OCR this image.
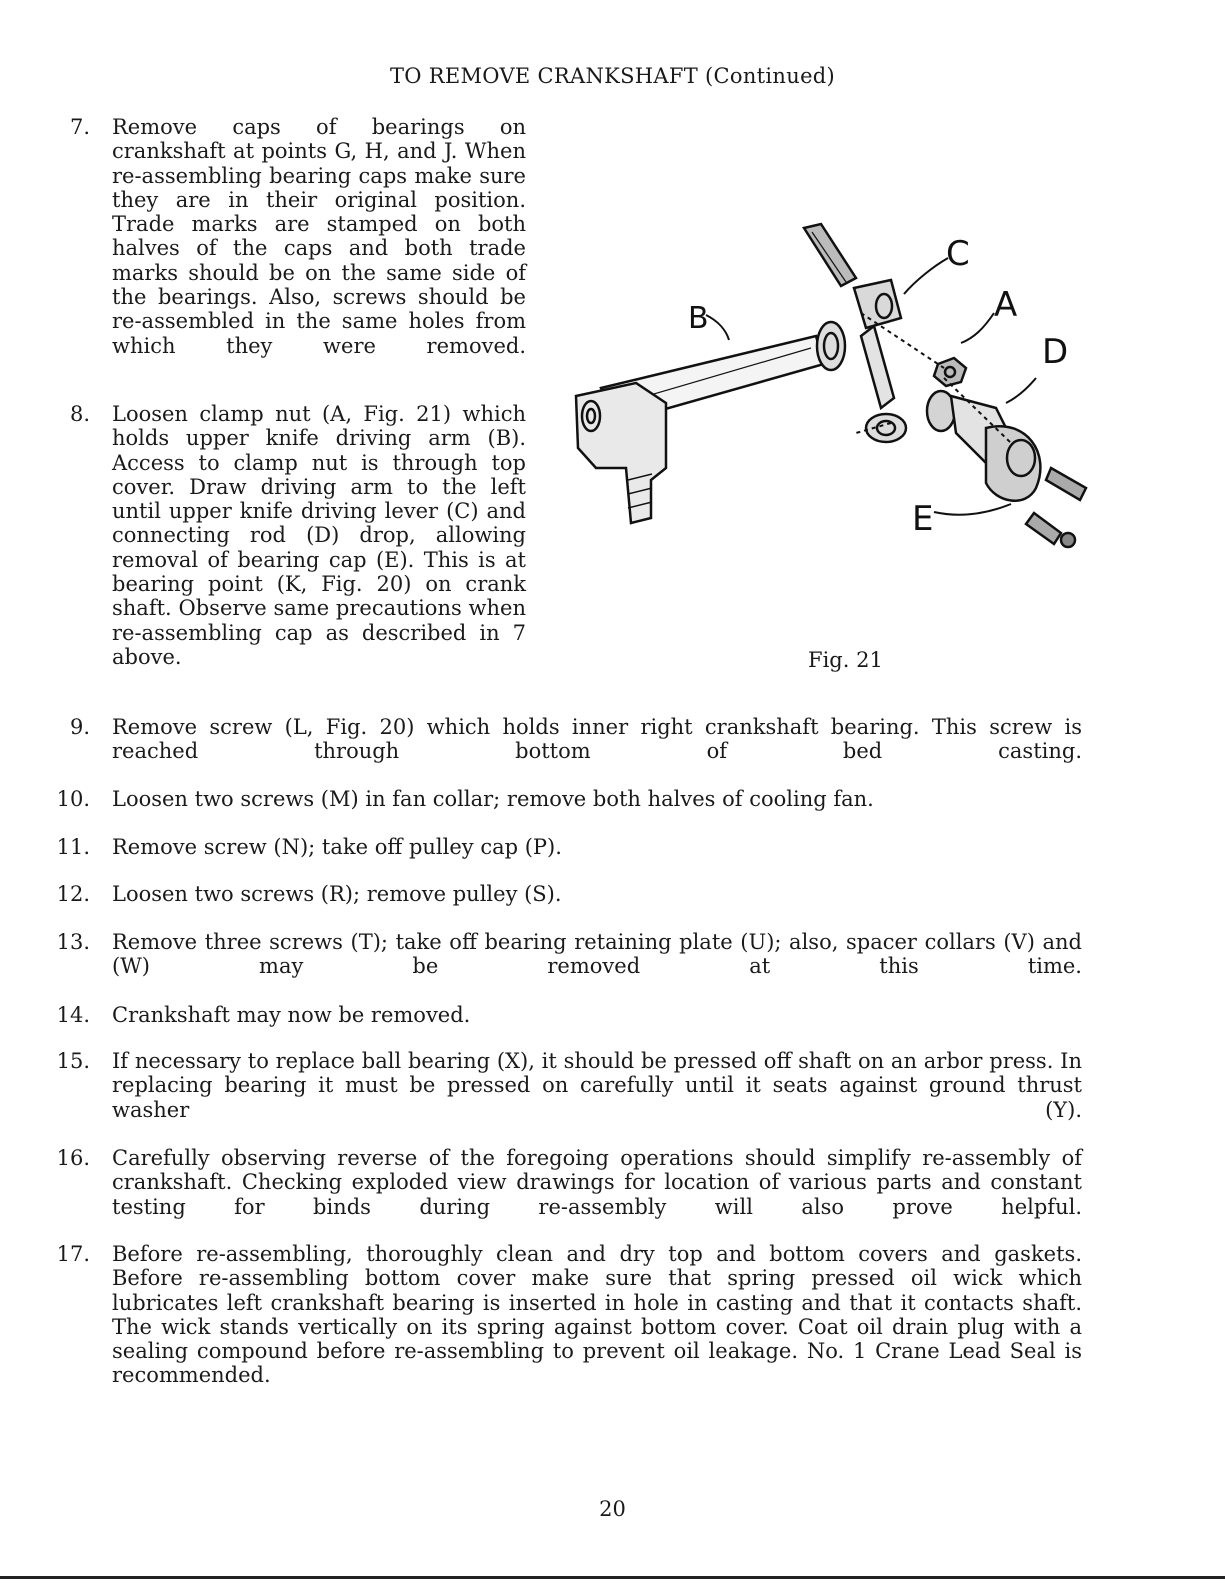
TO REMOVE CRANKSHAFT (Continued)
7. Remove caps of bearings on crankshaft at points G, H, and J. When re-assembling bearing caps make sure they are in their original position. Trade marks are stamped on both halves of the caps and both trade marks should be on the same side of the bearings. Also, screws should be re-assembled in the same holes from which they were removed.
8. Loosen clamp nut (A, Fig. 21) which holds upper knife driving arm (B). Access to clamp nut is through top cover. Draw driving arm to the left until upper knife driving lever (C) and connecting rod (D) drop, allowing removal of bearing cap (E). This is at bearing point (K, Fig. 20) on crank shaft. Observe same precautions when re-assembling cap as described in 7 above.
B
C
A
D
E
Fig. 21
9. Remove screw (L, Fig. 20) which holds inner right crankshaft bearing. This screw is reached through bottom of bed casting.
10. Loosen two screws (M) in fan collar; remove both halves of cooling fan.
11. Remove screw (N); take off pulley cap (P).
12. Loosen two screws (R); remove pulley (S).
13. Remove three screws (T); take off bearing retaining plate (U); also, spacer collars (V) and (W) may be removed at this time.
14. Crankshaft may now be removed.
15. If necessary to replace ball bearing (X), it should be pressed off shaft on an arbor press. In replacing bearing it must be pressed on carefully until it seats against ground thrust washer (Y).
16. Carefully observing reverse of the foregoing operations should simplify re-assembly of crankshaft. Checking exploded view drawings for location of various parts and constant testing for binds during re-assembly will also prove helpful.
17. Before re-assembling, thoroughly clean and dry top and bottom covers and gaskets. Before re-assembling bottom cover make sure that spring pressed oil wick which lubricates left crankshaft bearing is inserted in hole in casting and that it contacts shaft. The wick stands vertically on its spring against bottom cover. Coat oil drain plug with a sealing compound before re-assembling to prevent oil leakage. No. 1 Crane Lead Seal is recommended.
20
